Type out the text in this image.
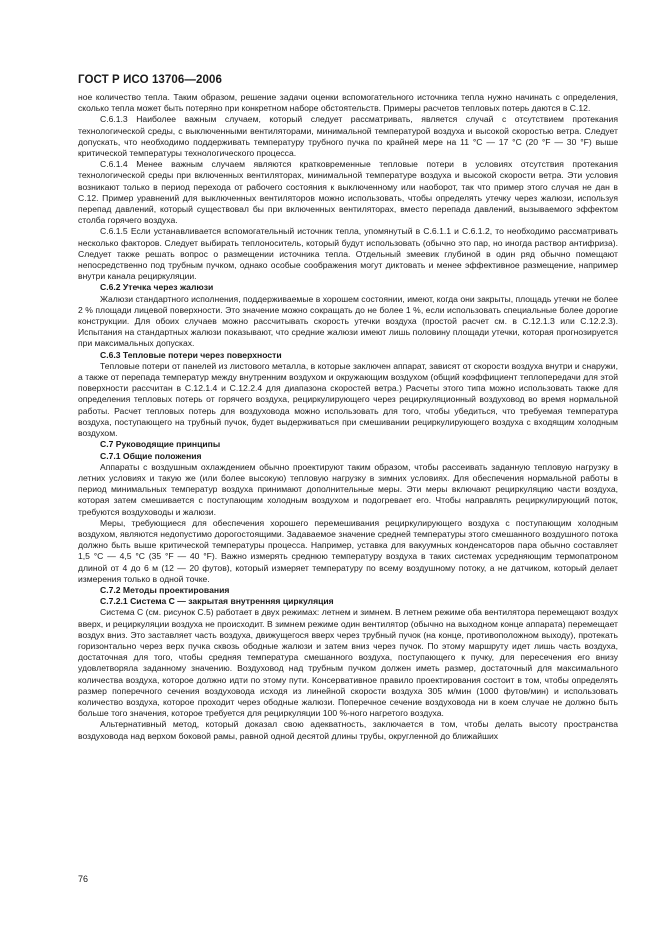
ГОСТ Р ИСО 13706—2006

ное количество тепла. Таким образом, решение задачи оценки вспомогательного источника тепла нужно начинать с определения, сколько тепла может быть потеряно при конкретном наборе обстоятельств. Примеры расчетов тепловых потерь даются в С.12.

С.6.1.3 Наиболее важным случаем, который следует рассматривать, является случай с отсутствием протекания технологической среды, с выключенными вентиляторами, минимальной температурой воздуха и высокой скоростью ветра. Следует допускать, что необходимо поддерживать температуру трубного пучка по крайней мере на 11 °С — 17 °С (20 °F — 30 °F) выше критической температуры технологического процесса.

С.6.1.4 Менее важным случаем являются кратковременные тепловые потери в условиях отсутствия протекания технологической среды при включенных вентиляторах, минимальной температуре воздуха и высокой скорости ветра. Эти условия возникают только в период перехода от рабочего состояния к выключенному или наоборот, так что пример этого случая не дан в С.12. Пример уравнений для выключенных вентиляторов можно использовать, чтобы определять утечку через жалюзи, используя перепад давлений, который существовал бы при включенных вентиляторах, вместо перепада давлений, вызываемого эффектом столба горячего воздуха.

С.6.1.5 Если устанавливается вспомогательный источник тепла, упомянутый в С.6.1.1 и С.6.1.2, то необходимо рассматривать несколько факторов. Следует выбирать теплоноситель, который будут использовать (обычно это пар, но иногда раствор антифриза). Следует также решать вопрос о размещении источника тепла. Отдельный змеевик глубиной в один ряд обычно помещают непосредственно под трубным пучком, однако особые соображения могут диктовать и менее эффективное размещение, например внутри канала рециркуляции.

С.6.2 Утечка через жалюзи

Жалюзи стандартного исполнения, поддерживаемые в хорошем состоянии, имеют, когда они закрыты, площадь утечки не более 2 % площади лицевой поверхности. Это значение можно сокращать до не более 1 %, если использовать специальные более дорогие конструкции. Для обоих случаев можно рассчитывать скорость утечки воздуха (простой расчет см. в С.12.1.3 или С.12.2.3). Испытания на стандартных жалюзи показывают, что средние жалюзи имеют лишь половину площади утечки, которая прогнозируется при максимальных допусках.

С.6.3 Тепловые потери через поверхности

Тепловые потери от панелей из листового металла, в которые заключен аппарат, зависят от скорости воздуха внутри и снаружи, а также от перепада температур между внутренним воздухом и окружающим воздухом (общий коэффициент теплопередачи для этой поверхности рассчитан в С.12.1.4 и С.12.2.4 для диапазона скоростей ветра.) Расчеты этого типа можно использовать также для определения тепловых потерь от горячего воздуха, рециркулирующего через рециркуляционный воздуховод во время нормальной работы. Расчет тепловых потерь для воздуховода можно использовать для того, чтобы убедиться, что требуемая температура воздуха, поступающего на трубный пучок, будет выдерживаться при смешивании рециркулирующего воздуха с входящим холодным воздухом.

С.7 Руководящие принципы

С.7.1 Общие положения

Аппараты с воздушным охлаждением обычно проектируют таким образом, чтобы рассеивать заданную тепловую нагрузку в летних условиях и такую же (или более высокую) тепловую нагрузку в зимних условиях. Для обеспечения нормальной работы в период минимальных температур воздуха принимают дополнительные меры. Эти меры включают рециркуляцию части воздуха, которая затем смешивается с поступающим холодным воздухом и подогревает его. Чтобы направлять рециркулирующий поток, требуются воздуховоды и жалюзи.

Меры, требующиеся для обеспечения хорошего перемешивания рециркулирующего воздуха с поступающим холодным воздухом, являются недопустимо дорогостоящими. Задаваемое значение средней температуры этого смешанного воздушного потока должно быть выше критической температуры процесса. Например, уставка для вакуумных конденсаторов пара обычно составляет 1,5 °С — 4,5 °С (35 °F — 40 °F). Важно измерять среднюю температуру воздуха в таких системах усредняющим термопатроном длиной от 4 до 6 м (12 — 20 футов), который измеряет температуру по всему воздушному потоку, а не датчиком, который делает измерения только в одной точке.

С.7.2 Методы проектирования

С.7.2.1 Система С — закрытая внутренняя циркуляция

Система С (см. рисунок С.5) работает в двух режимах: летнем и зимнем. В летнем режиме оба вентилятора перемещают воздух вверх, и рециркуляции воздуха не происходит. В зимнем режиме один вентилятор (обычно на выходном конце аппарата) перемещает воздух вниз. Это заставляет часть воздуха, движущегося вверх через трубный пучок (на конце, противоположном выходу), протекать горизонтально через верх пучка сквозь ободные жалюзи и затем вниз через пучок. По этому маршруту идет лишь часть воздуха, достаточная для того, чтобы средняя температура смешанного воздуха, поступающего к пучку, для пересечения его внизу удовлетворяла заданному значению. Воздуховод над трубным пучком должен иметь размер, достаточный для максимального количества воздуха, которое должно идти по этому пути. Консервативное правило проектирования состоит в том, чтобы определять размер поперечного сечения воздуховода исходя из линейной скорости воздуха 305 м/мин (1000 футов/мин) и использовать количество воздуха, которое проходит через ободные жалюзи. Поперечное сечение воздуховода ни в коем случае не должно быть больше того значения, которое требуется для рециркуляции 100 %-ного нагретого воздуха.

Альтернативный метод, который доказал свою адекватность, заключается в том, чтобы делать высоту пространства воздуховода над верхом боковой рамы, равной одной десятой длины трубы, округленной до ближайших

76
